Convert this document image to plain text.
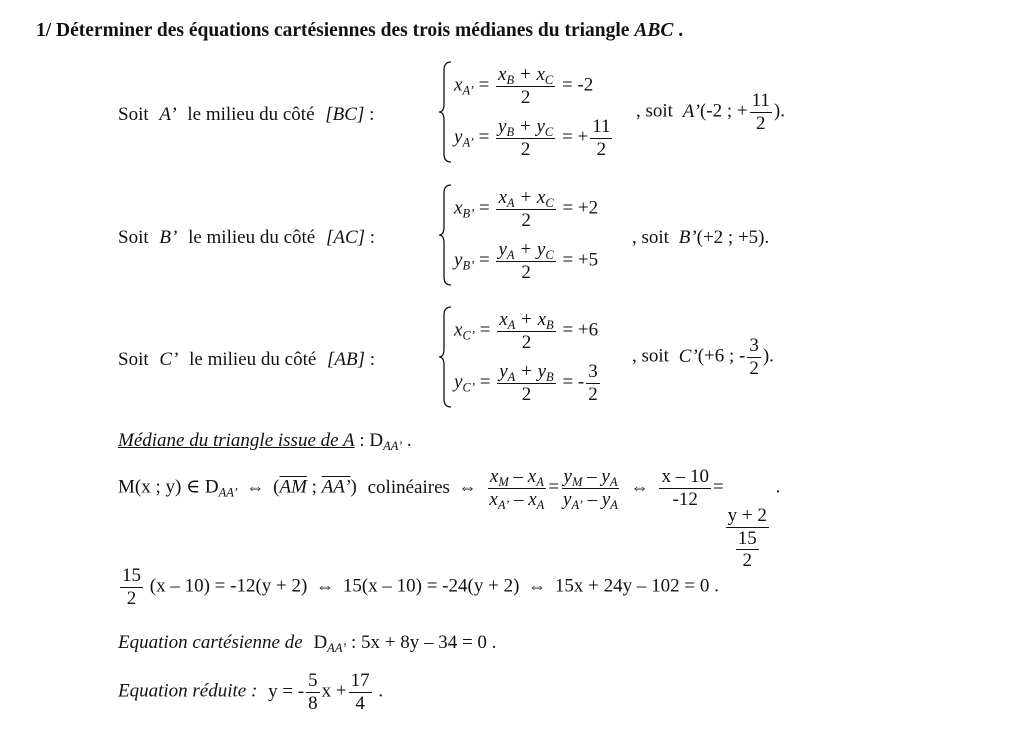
1/ Déterminer des équations cartésiennes des trois médianes du triangle ABC .
Soit A’ le milieu du côté [BC] :
$x_{A’} = \frac{x_B + x_C}{2} = -2$
$y_{A’} = \frac{y_B + y_C}{2}$ = + $\frac{11}{2}$
, soit A’(-2 ; + $\frac{11}{2}$ ).
Soit B’ le milieu du côté [AC] :
$x_{B’} = \frac{x_A + x_C}{2} = +2$
$y_{B’} = \frac{y_A + y_C}{2} = +5$
, soit B’(+2 ; +5).
Soit C’ le milieu du côté [AB] :
$x_{C’} = \frac{x_A + x_B}{2} = +6$
$y_{C’} = \frac{y_A + y_B}{2}$ = - $\frac{3}{2}$
, soit C’(+6 ; - $\frac{3}{2}$ ).
Médiane du triangle issue de A : $D_{AA’}$ .
M(x ; y) ∈ $D_{AA’}$ ⇔ ($\overline{AM}$ ; AA’) colinéaires ⇔ $\frac{x_M - x_A}{x_{A’} - x_A} = \frac{y_M - y_A}{y_{A’} - y_A}$ ⇔ $\frac{x - 10}{-12}$ =
$\frac{y + 2}{\frac{15}{2}}$
.
$\frac{15}{2} (x - 10) = -12(y + 2)$ ⇔ 15(x – 10) = -24(y + 2) ⇔ 15x + 24y – 102 = 0 .
Equation cartésienne de $D_{AA’}$ : 5x + 8y – 34 = 0 .
Equation réduite : y = - $\frac{5}{8}$ $x + \frac{17}{4}$ .
